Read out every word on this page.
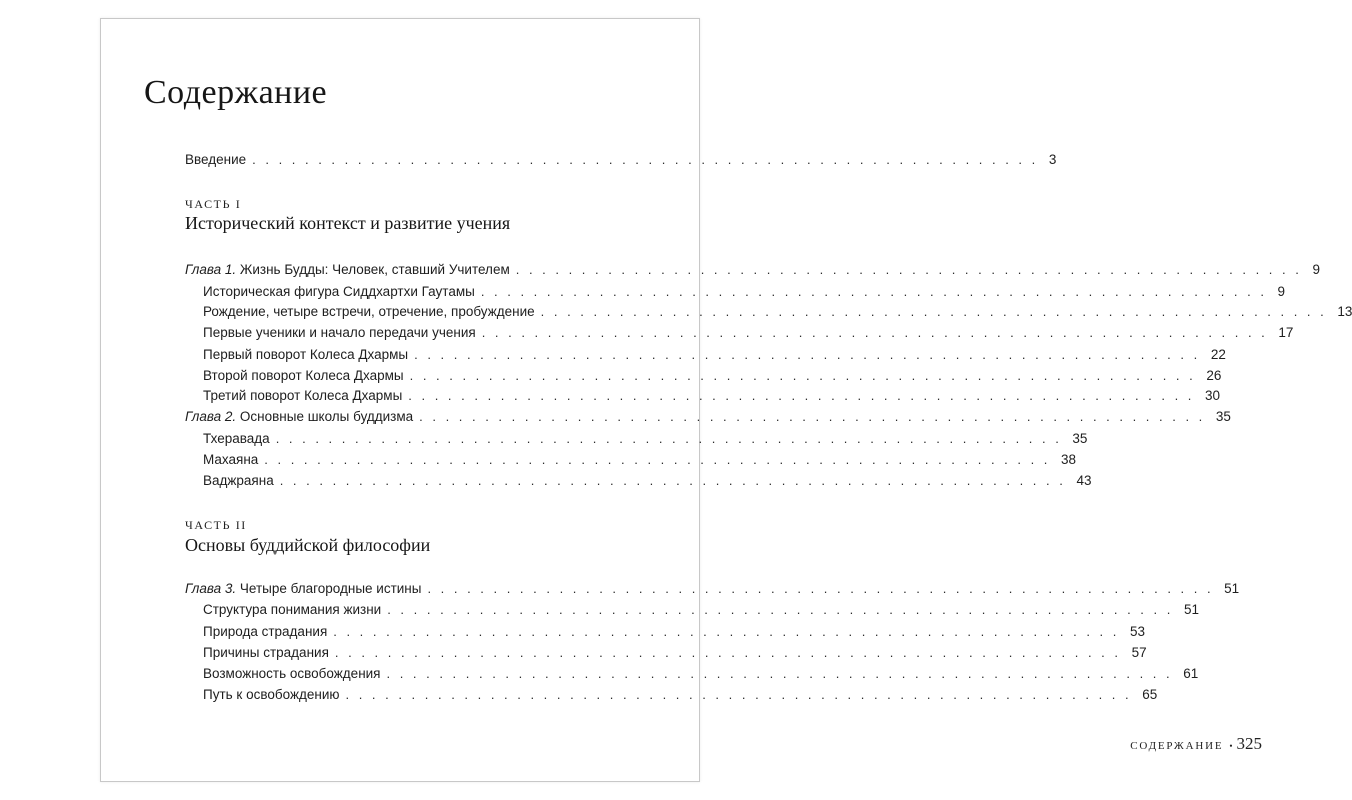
Содержание
Введение ............................................................ 3
ЧАСТЬ I
Исторический контекст и развитие учения
Глава 1. Жизнь Будды: Человек, ставший Учителем ............................................................ 9
Историческая фигура Сиддхартхи Гаутамы ............................................................ 9
Рождение, четыре встречи, отречение, пробуждение ............................................................ 13
Первые ученики и начало передачи учения ............................................................ 17
Первый поворот Колеса Дхармы ............................................................ 22
Второй поворот Колеса Дхармы ............................................................ 26
Третий поворот Колеса Дхармы ............................................................ 30
Глава 2. Основные школы буддизма ............................................................ 35
Тхеравада ............................................................ 35
Махаяна ............................................................ 38
Ваджраяна ............................................................ 43
ЧАСТЬ II
Основы буддийской философии
Глава 3. Четыре благородные истины ............................................................ 51
Структура понимания жизни ............................................................ 51
Природа страдания ............................................................ 53
Причины страдания ............................................................ 57
Возможность освобождения ............................................................ 61
Путь к освобождению ............................................................ 65
СОДЕРЖАНИЕ • 325
